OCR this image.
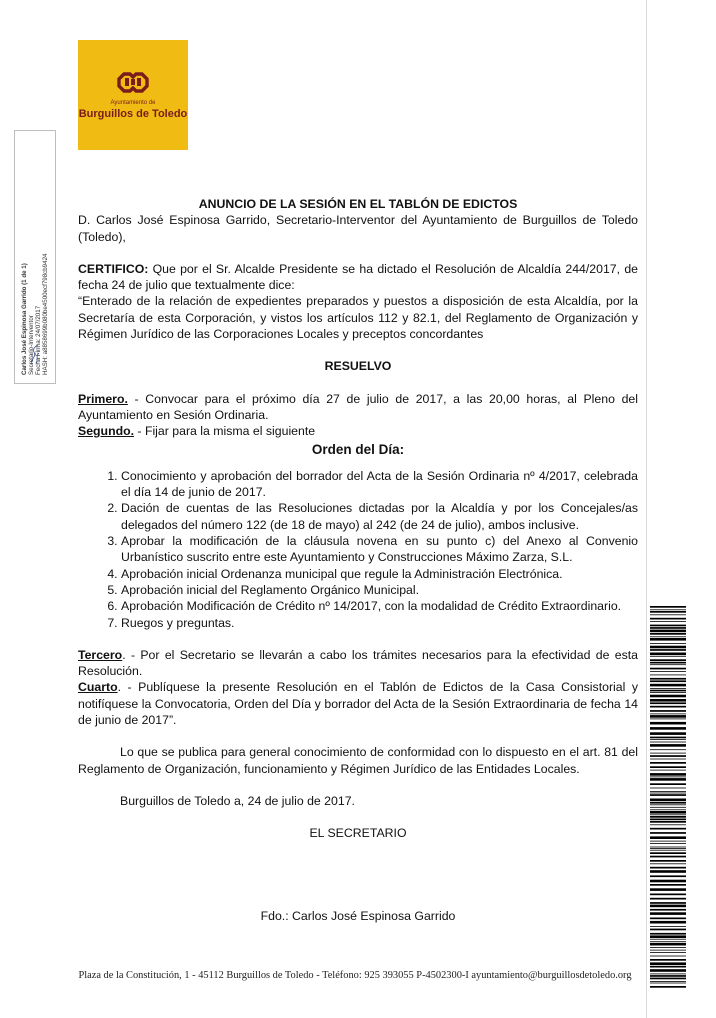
Ayuntamiento de
Burguillos de Toledo
Carlos José Espinosa Garrido (1 de 1) Secretario-Interventor Fecha Firma: 24/07/2017 HASH: a8858699b080be4500ecf798cb9424

ANUNCIO DE LA SESIÓN EN EL TABLÓN DE EDICTOS

D. Carlos José Espinosa Garrido, Secretario-Interventor del Ayuntamiento de Burguillos de Toledo (Toledo),

CERTIFICO: Que por el Sr. Alcalde Presidente se ha dictado el Resolución de Alcaldía 244/2017, de fecha 24 de julio que textualmente dice:

“Enterado de la relación de expedientes preparados y puestos a disposición de esta Alcaldía, por la Secretaría de esta Corporación, y vistos los artículos 112 y 82.1, del Reglamento de Organización y Régimen Jurídico de las Corporaciones Locales y preceptos concordantes

RESUELVO

Primero. - Convocar para el próximo día 27 de julio de 2017, a las 20,00 horas, al Pleno del Ayuntamiento en Sesión Ordinaria.

Segundo. - Fijar para la misma el siguiente

Orden del Día:

1. Conocimiento y aprobación del borrador del Acta de la Sesión Ordinaria nº 4/2017, celebrada el día 14 de junio de 2017.
2. Dación de cuentas de las Resoluciones dictadas por la Alcaldía y por los Concejales/as delegados del número 122 (de 18 de mayo) al 242 (de 24 de julio), ambos inclusive.
3. Aprobar la modificación de la cláusula novena en su punto c) del Anexo al Convenio Urbanístico suscrito entre este Ayuntamiento y Construcciones Máximo Zarza, S.L.
4. Aprobación inicial Ordenanza municipal que regule la Administración Electrónica.
5. Aprobación inicial del Reglamento Orgánico Municipal.
6. Aprobación Modificación de Crédito nº 14/2017, con la modalidad de Crédito Extraordinario.
7. Ruegos y preguntas.

Tercero. - Por el Secretario se llevarán a cabo los trámites necesarios para la efectividad de esta Resolución.

Cuarto. - Publíquese la presente Resolución en el Tablón de Edictos de la Casa Consistorial y notifíquese la Convocatoria, Orden del Día y borrador del Acta de la Sesión Extraordinaria de fecha 14 de junio de 2017”.

Lo que se publica para general conocimiento de conformidad con lo dispuesto en el art. 81 del Reglamento de Organización, funcionamiento y Régimen Jurídico de las Entidades Locales.

Burguillos de Toledo a, 24 de julio de 2017.

EL SECRETARIO

Fdo.: Carlos José Espinosa Garrido

Plaza de la Constitución, 1 - 45112 Burguillos de Toledo - Teléfono: 925 393055 P-4502300-I ayuntamiento@burguillosdetoledo.org
